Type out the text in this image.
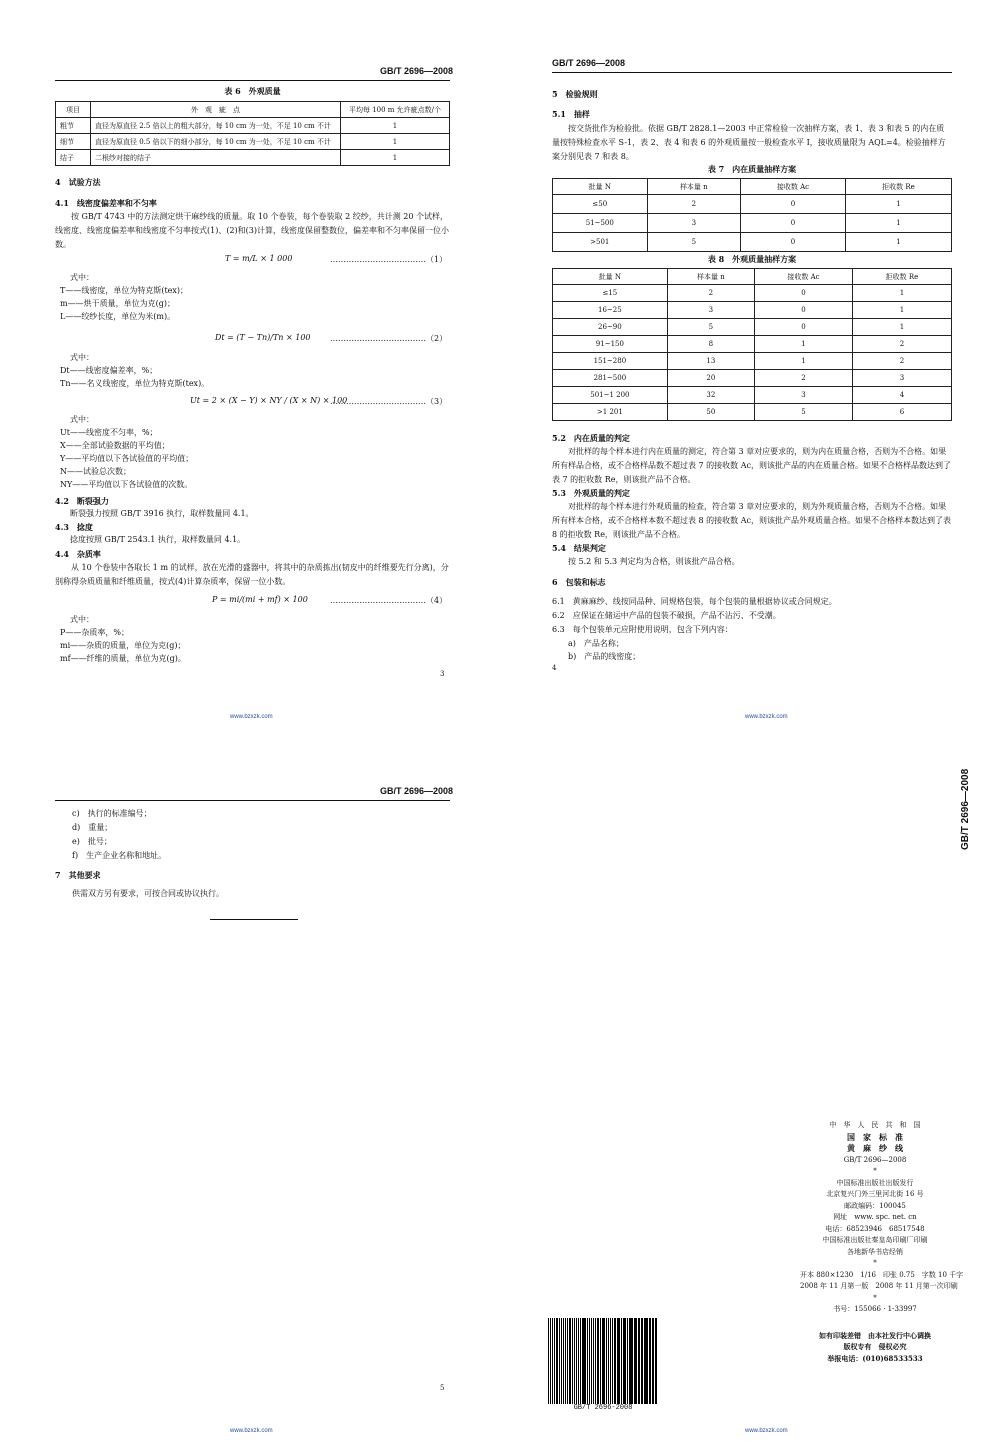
GB/T 2696—2008
表 6　外观质量
项目	外　观　疵　点	平均每 100 m 允许疵点数/个
粗节	直径为原直径 2.5 倍以上的粗大部分，每 10 cm 为一处，不足 10 cm 不计	1
细节	直径为原直径 0.5 倍以下的细小部分，每 10 cm 为一处，不足 10 cm 不计	1
结子	二根纱对接的结子	1
4　试验方法
4.1　线密度偏差率和不匀率
按 GB/T 4743 中的方法测定烘干麻纱线的质量。取 10 个卷装，每个卷装取 2 绞纱，共计测 20 个试样，线密度、线密度偏差率和线密度不匀率按式(1)、(2)和(3)计算，线密度保留整数位，偏差率和不匀率保留一位小数。
T = m/L × 1 000	………………………………（1）
式中：
T——线密度，单位为特克斯(tex)；
m——烘干质量，单位为克(g)；
L——绞纱长度，单位为米(m)。
Dt = (T − Tn)/Tn × 100 ………………………………（2）
式中：
Dt——线密度偏差率，%；
Tn——名义线密度，单位为特克斯(tex)。
Ut = 2 × (X − Y) × NY / (X × N) × 100
………………………………（3）
式中：
Ut——线密度不匀率，%；
X——全部试验数据的平均值；
Y——平均值以下各试验值的平均值；
N——试验总次数；
NY——平均值以下各试验值的次数。
4.2　断裂强力
断裂强力按照 GB/T 3916 执行，取样数量同 4.1。
4.3　捻度
捻度按照 GB/T 2543.1 执行，取样数量同 4.1。
4.4　杂质率
从 10 个卷装中各取长 1 m 的试样，放在光滑的盛器中，将其中的杂质拣出(韧皮中的纤维要先行分离)，分别称得杂质质量和纤维质量，按式(4)计算杂质率，保留一位小数。
P = mi/(mi + mf) × 100	………………………………（4）
式中：
P——杂质率，%；
mi——杂质的质量，单位为克(g)；
mf——纤维的质量，单位为克(g)。
3
www.bzxzk.com
GB/T 2696—2008
5　检验规则
5.1　抽样
按交货批作为检验批。依据 GB/T 2828.1—2003 中正常检验一次抽样方案，表 1、表 3 和表 5 的内在质量按特殊检查水平 S-1，表 2、表 4 和表 6 的外观质量按一般检查水平 I，接收质量限为 AQL=4。检验抽样方案分别见表 7 和表 8。
表 7　内在质量抽样方案
批量 N	样本量 n	接收数 Ac	拒收数 Re
≤50	2	0	1
51~500	3	0	1
>501	5	0	1
表 8　外观质量抽样方案
批量 N	样本量 n	接收数 Ac	拒收数 Re
≤15	2	0	1
16~25	3	0	1
26~90	5	0	1
91~150	8	1	2
151~280	13	1	2
281~500	20	2	3
501~1 200	32	3	4
>1 201	50	5	6
5.2　内在质量的判定
对批样的每个样本进行内在质量的测定，符合第 3 章对应要求的，则为内在质量合格，否则为不合格。如果所有样品合格，或不合格样品数不超过表 7 的接收数 Ac，则该批产品的内在质量合格。如果不合格样品数达到了表 7 的拒收数 Re，则该批产品不合格。
5.3　外观质量的判定
对批样的每个样本进行外观质量的检查，符合第 3 章对应要求的，则为外观质量合格，否则为不合格。如果所有样本合格，或不合格样本数不超过表 8 的接收数 Ac，则该批产品外观质量合格。如果不合格样本数达到了表 8 的拒收数 Re，则该批产品不合格。
5.4　结果判定
按 5.2 和 5.3 判定均为合格，则该批产品合格。
6　包装和标志
6.1　黄麻麻纱、线按同品种、同规格包装，每个包装的量根据协议或合同规定。
6.2　应保证在储运中产品的包装不破损，产品不沾污、不受潮。
6.3　每个包装单元应附使用说明，包含下列内容：
a)　产品名称；
b)　产品的线密度；
4
www.bzxzk.com
GB/T 2696—2008
c)　执行的标准编号；
d)　重量；
e)　批号；
f)　生产企业名称和地址。
7　其他要求
供需双方另有要求，可按合同或协议执行。
5
www.bzxzk.com
中　华　人　民　共　和　国
国　家　标　准
黄　麻　纱　线
GB/T 2696—2008
*
中国标准出版社出版发行
北京复兴门外三里河北街 16 号
邮政编码：100045
网址　www. spc. net. cn
电话：68523946　68517548
中国标准出版社秦皇岛印刷厂印刷
各地新华书店经销
*
开本 880×1230　1/16　印张 0.75　字数 10 千字
2008 年 11 月第一版　2008 年 11 月第一次印刷
*
书号：155066 · 1-33997
如有印装差错　由本社发行中心调换
版权专有　侵权必究
举报电话：(010)68533533
GB/T 2696-2008
www.bzxzk.com
GB/T 2696—2008
